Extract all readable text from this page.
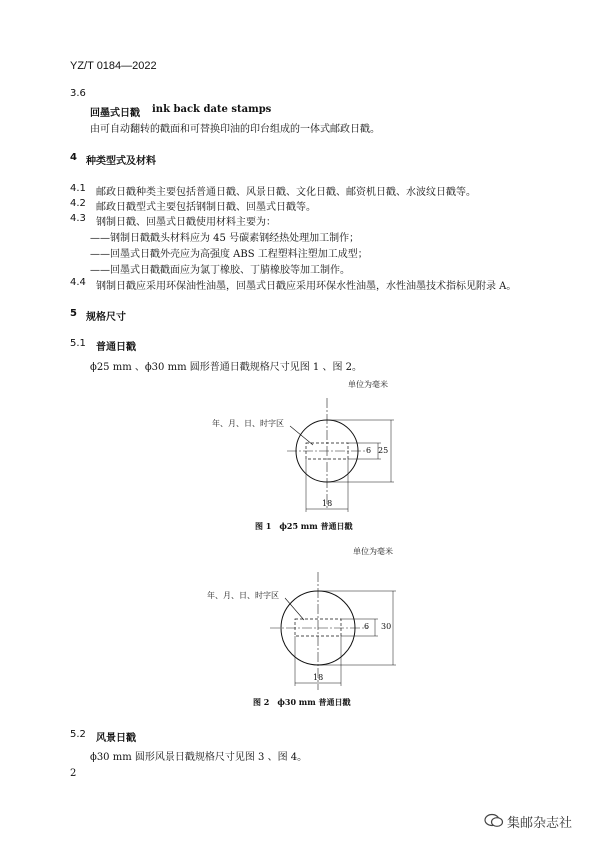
YZ/T 0184—2022
3.6
回墨式日戳 ink back date stamps
由可自动翻转的戳面和可替换印油的印台组成的一体式邮政日戳。
4 种类型式及材料
4.1 邮政日戳种类主要包括普通日戳、风景日戳、文化日戳、邮资机日戳、水波纹日戳等。
4.2 邮政日戳型式主要包括钢制日戳、回墨式日戳等。
4.3 钢制日戳、回墨式日戳使用材料主要为：
——钢制日戳戳头材料应为 45 号碳素钢经热处理加工制作；
——回墨式日戳外壳应为高强度 ABS 工程塑料注塑加工成型；
——回墨式日戳戳面应为氯丁橡胶、丁腈橡胶等加工制作。
4.4 钢制日戳应采用环保油性油墨，回墨式日戳应采用环保水性油墨，水性油墨技术指标见附录 A。
5 规格尺寸
5.1 普通日戳
ϕ25 mm 、ϕ30 mm 圆形普通日戳规格尺寸见图 1 、图 2。
单位为毫米
年、月、日、时字区
6 25
18
图 1　ϕ25 mm 普通日戳
单位为毫米
年、月、日、时字区
6 30
18
图 2　ϕ30 mm 普通日戳
5.2 风景日戳
ϕ30 mm 圆形风景日戳规格尺寸见图 3 、图 4。
2
集邮杂志社
